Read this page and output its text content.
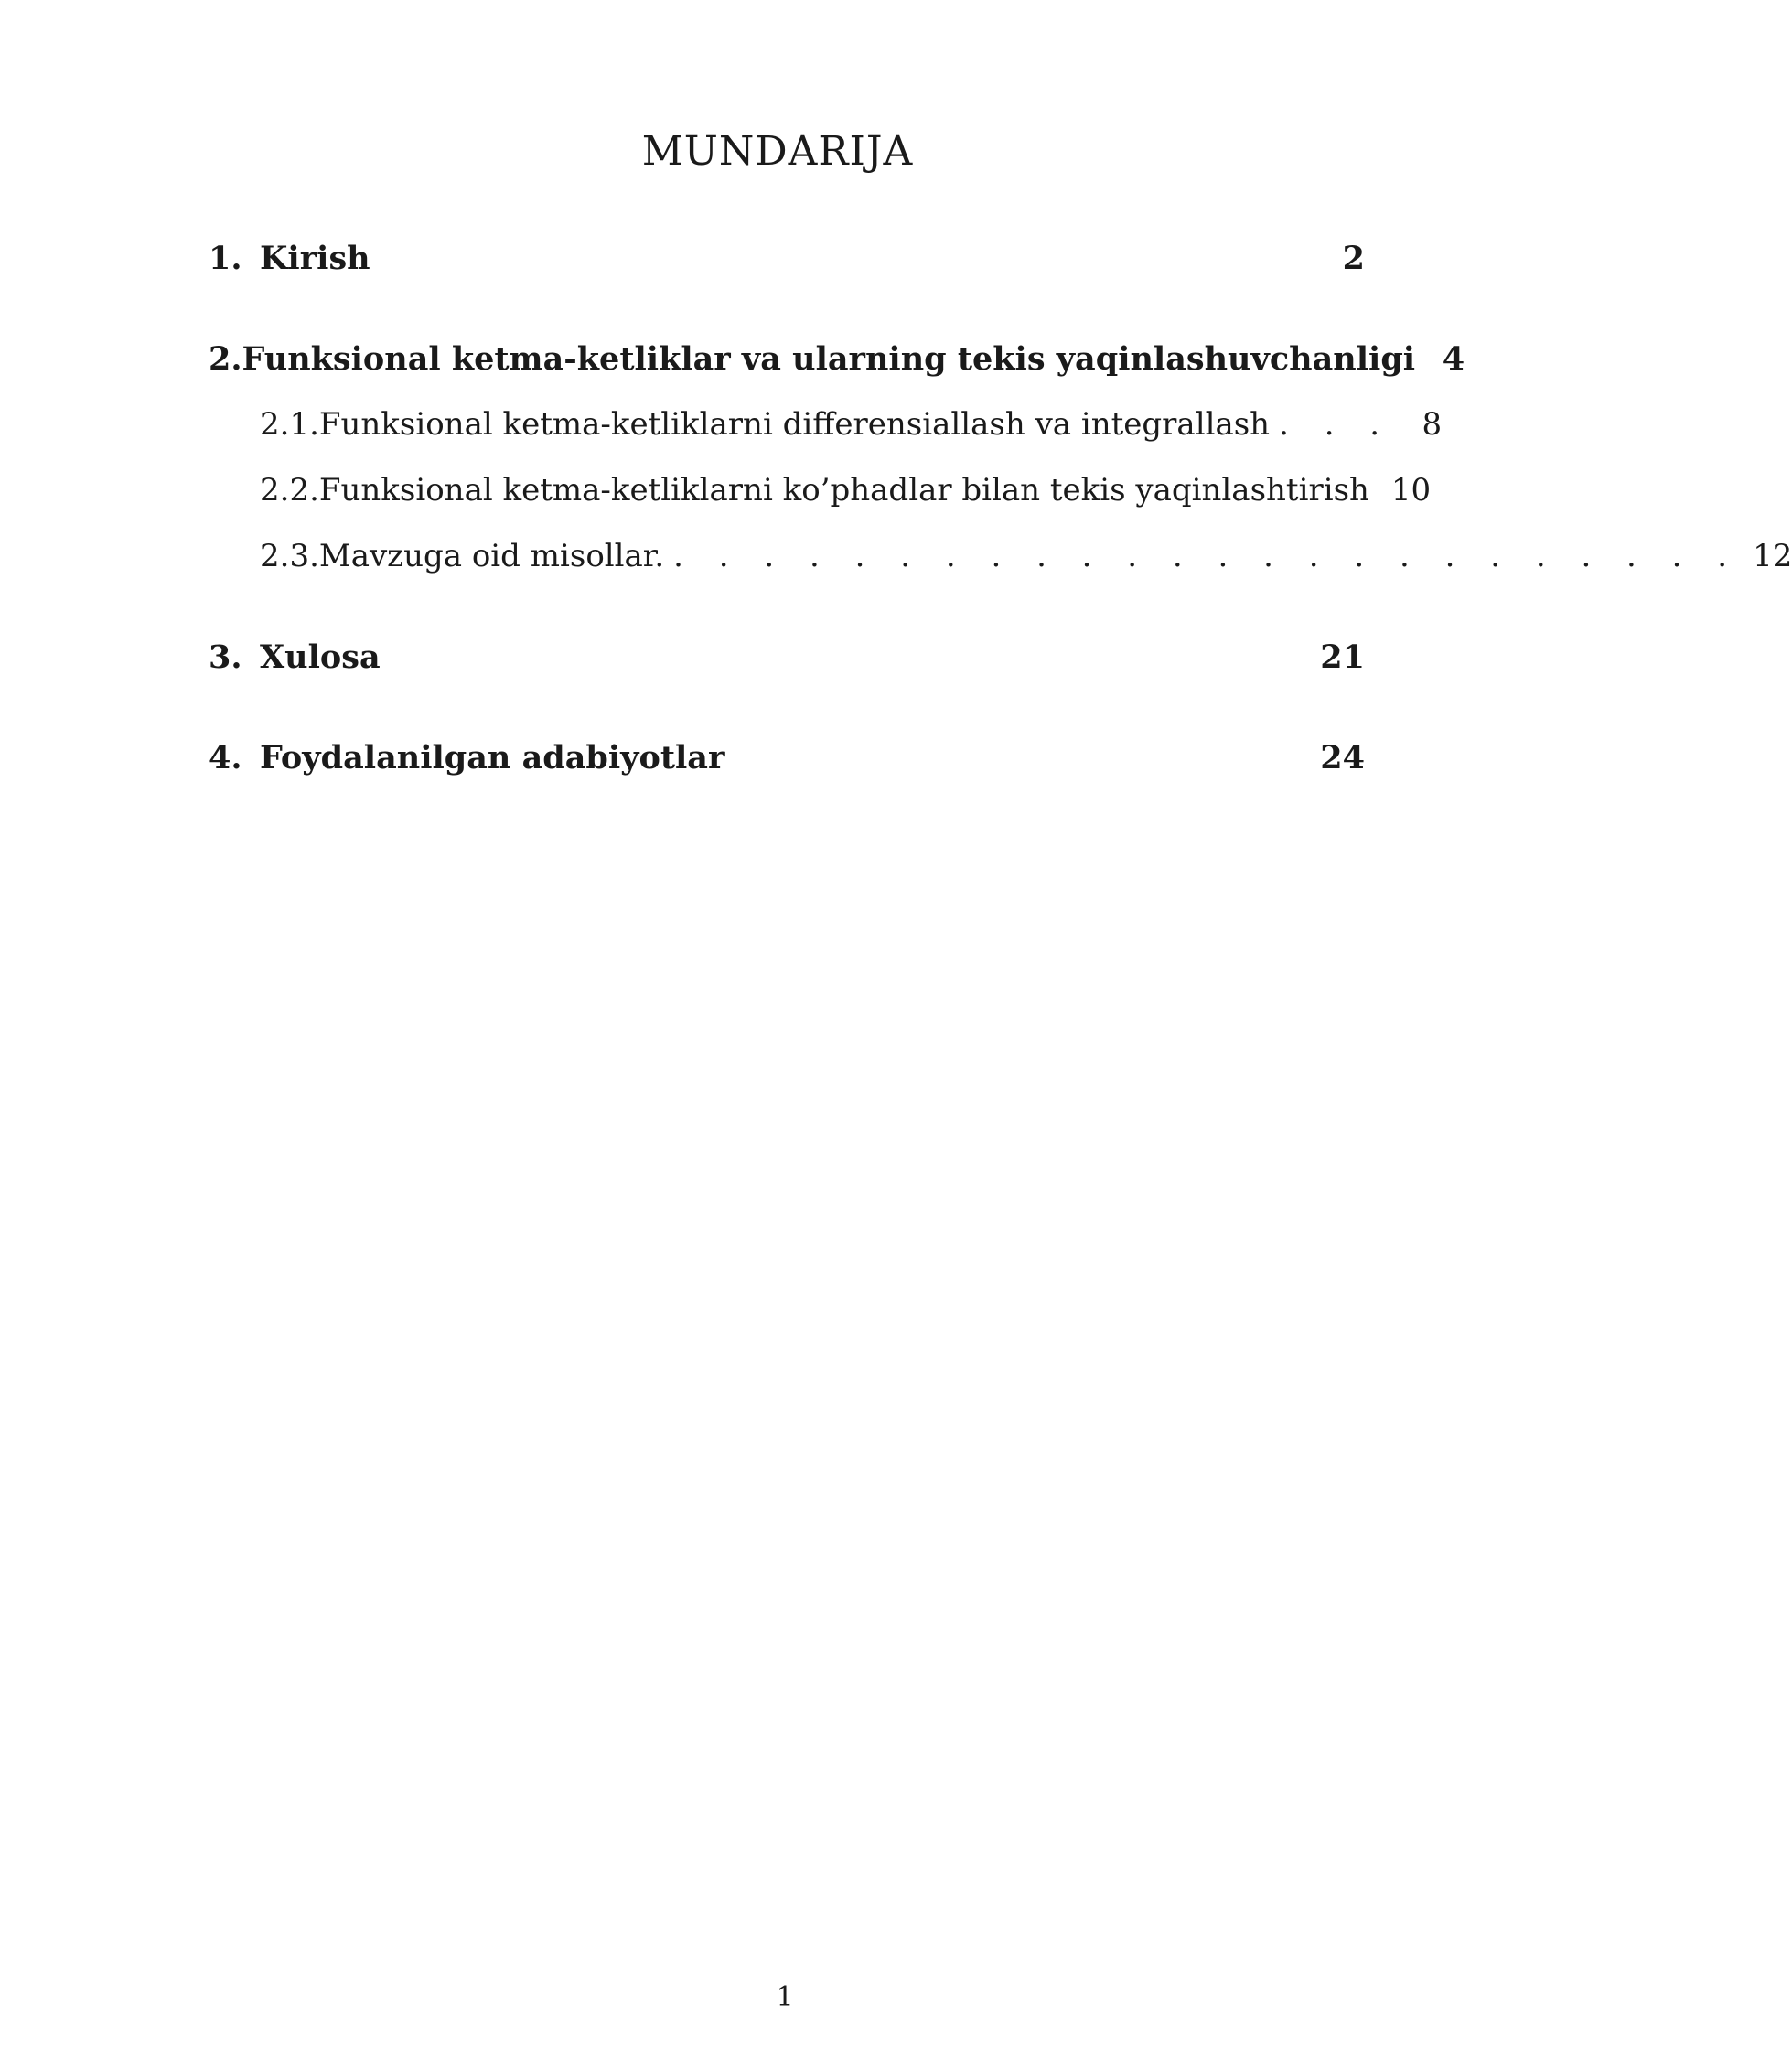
MUNDARIJA
1. Kirish	2
2. Funksional ketma-ketliklar va ularning tekis yaqinlashuvchanligi 4
2.1. Funksional ketma-ketliklarni differensiallash va integrallash . . . 8
2.2. Funksional ketma-ketliklarni ko’phadlar bilan tekis yaqinlashtirish 10
2.3. Mavzuga oid misollar. . . . . . . . . . . . . . . . . . . . . . . . . 12
3. Xulosa	21
4. Foydalanilgan adabiyotlar	24
1
